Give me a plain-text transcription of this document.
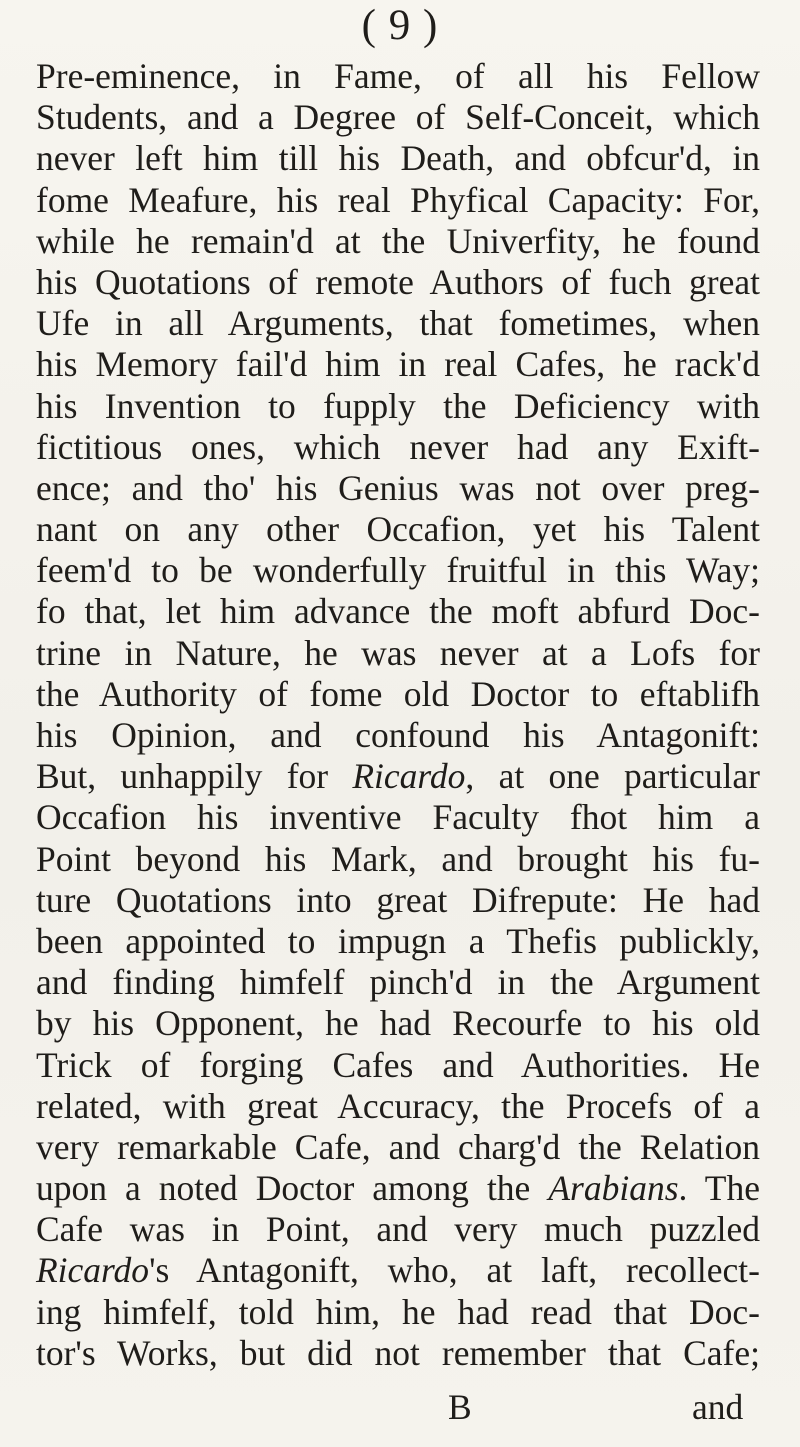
( 9 )
Pre-eminence, in Fame, of all his Fellow
Students, and a Degree of Self-Conceit, which
never left him till his Death, and obfcur'd, in
fome Meafure, his real Phyfical Capacity: For,
while he remain'd at the Univerfity, he found
his Quotations of remote Authors of fuch great
Ufe in all Arguments, that fometimes, when
his Memory fail'd him in real Cafes, he rack'd
his Invention to fupply the Deficiency with
fictitious ones, which never had any Exift-
ence; and tho' his Genius was not over preg-
nant on any other Occafion, yet his Talent
feem'd to be wonderfully fruitful in this Way;
fo that, let him advance the moft abfurd Doc-
trine in Nature, he was never at a Lofs for
the Authority of fome old Doctor to eftablifh
his Opinion, and confound his Antagonift:
But, unhappily for Ricardo, at one particular
Occafion his inventive Faculty fhot him a
Point beyond his Mark, and brought his fu-
ture Quotations into great Difrepute: He had
been appointed to impugn a Thefis publickly,
and finding himfelf pinch'd in the Argument
by his Opponent, he had Recourfe to his old
Trick of forging Cafes and Authorities. He
related, with great Accuracy, the Procefs of a
very remarkable Cafe, and charg'd the Relation
upon a noted Doctor among the Arabians. The
Cafe was in Point, and very much puzzled
Ricardo's Antagonift, who, at laft, recollect-
ing himfelf, told him, he had read that Doc-
tor's Works, but did not remember that Cafe;
B	and
